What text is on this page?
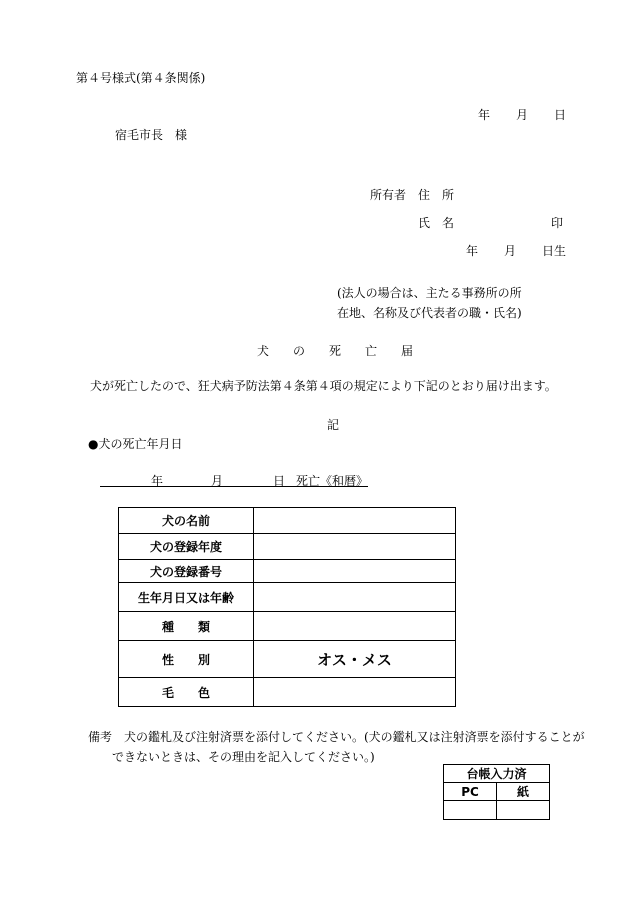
第４号様式(第４条関係)
年 月 日
宿毛市長　様
所有者 住　所
氏　名	印
年 月 日生
(法人の場合は、主たる事務所の所
在地、名称及び代表者の職・氏名)
犬　　の　　死　　亡　　届
犬が死亡したので、狂犬病予防法第４条第４項の規定により下記のとおり届け出ます。
記
●犬の死亡年月日
年	月	日 死亡《和暦》
犬の名前	
犬の登録年度	
犬の登録番号	
生年月日又は年齢	
種　　類	
性　　別	オス・メス
毛　　色	
備考　犬の鑑札及び注射済票を添付してください。(犬の鑑札又は注射済票を添付することが
できないときは、その理由を記入してください。)
台帳入力済	
PC	紙
